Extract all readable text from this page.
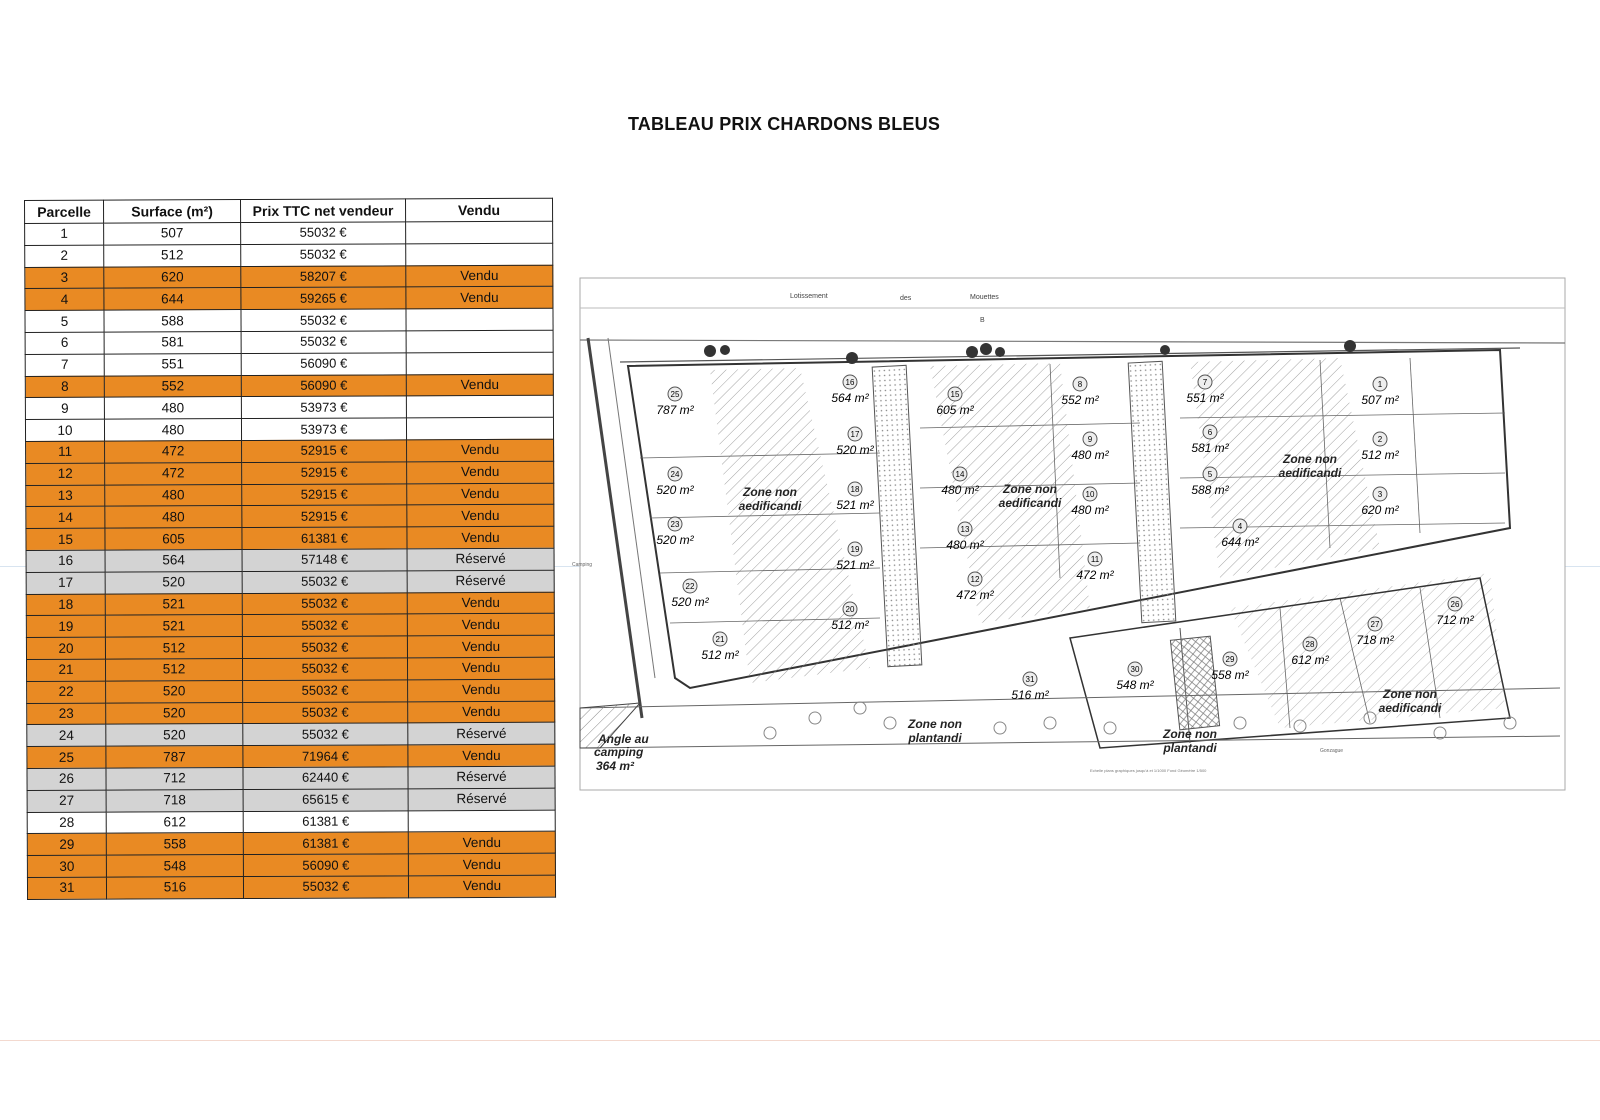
TABLEAU PRIX CHARDONS BLEUS
Parcelle	Surface (m²)	Prix TTC net vendeur	Vendu
1	507	55032 €	
2	512	55032 €	
3	620	58207 €	Vendu
4	644	59265 €	Vendu
5	588	55032 €	
6	581	55032 €	
7	551	56090 €	
8	552	56090 €	Vendu
9	480	53973 €	
10	480	53973 €	
11	472	52915 €	Vendu
12	472	52915 €	Vendu
13	480	52915 €	Vendu
14	480	52915 €	Vendu
15	605	61381 €	Vendu
16	564	57148 €	Réservé
17	520	55032 €	Réservé
18	521	55032 €	Vendu
19	521	55032 €	Vendu
20	512	55032 €	Vendu
21	512	55032 €	Vendu
22	520	55032 €	Vendu
23	520	55032 €	Vendu
24	520	55032 €	Réservé
25	787	71964 €	Vendu
26	712	62440 €	Réservé
27	718	65615 €	Réservé
28	612	61381 €	
29	558	61381 €	Vendu
30	548	56090 €	Vendu
31	516	55032 €	Vendu
Lotissement	des	Mouettes
B
Camping
Gonzague
Echelle plans graphiques jusqu'à et 1/1000 Fond Géomètre 1/500
25
787 m²
16
564 m²	15
605 m²
8
552 m²
7
551 m²
1
507 m²
17
520 m²
9
480 m²
6
581 m²
2
512 m²
24
520 m²
14
480 m²
5
588 m²
18
521 m²
10
480 m²
3
620 m²
23
520 m²
13
480 m²
4
644 m²
19
521 m²	11
472 m²
22
520 m²
12
472 m²
20
512 m²
26
712 m²
27
718 m²
21
512 m²
28
612 m²
30
548 m²
29
558 m²
31
516 m²
Zone non
aedificandi
Zone non
aedificandi
Zone non
aedificandi
Zone non
aedificandi
Zone non
plantandi	Zone non
plantandi
Angle au
camping
364 m²
